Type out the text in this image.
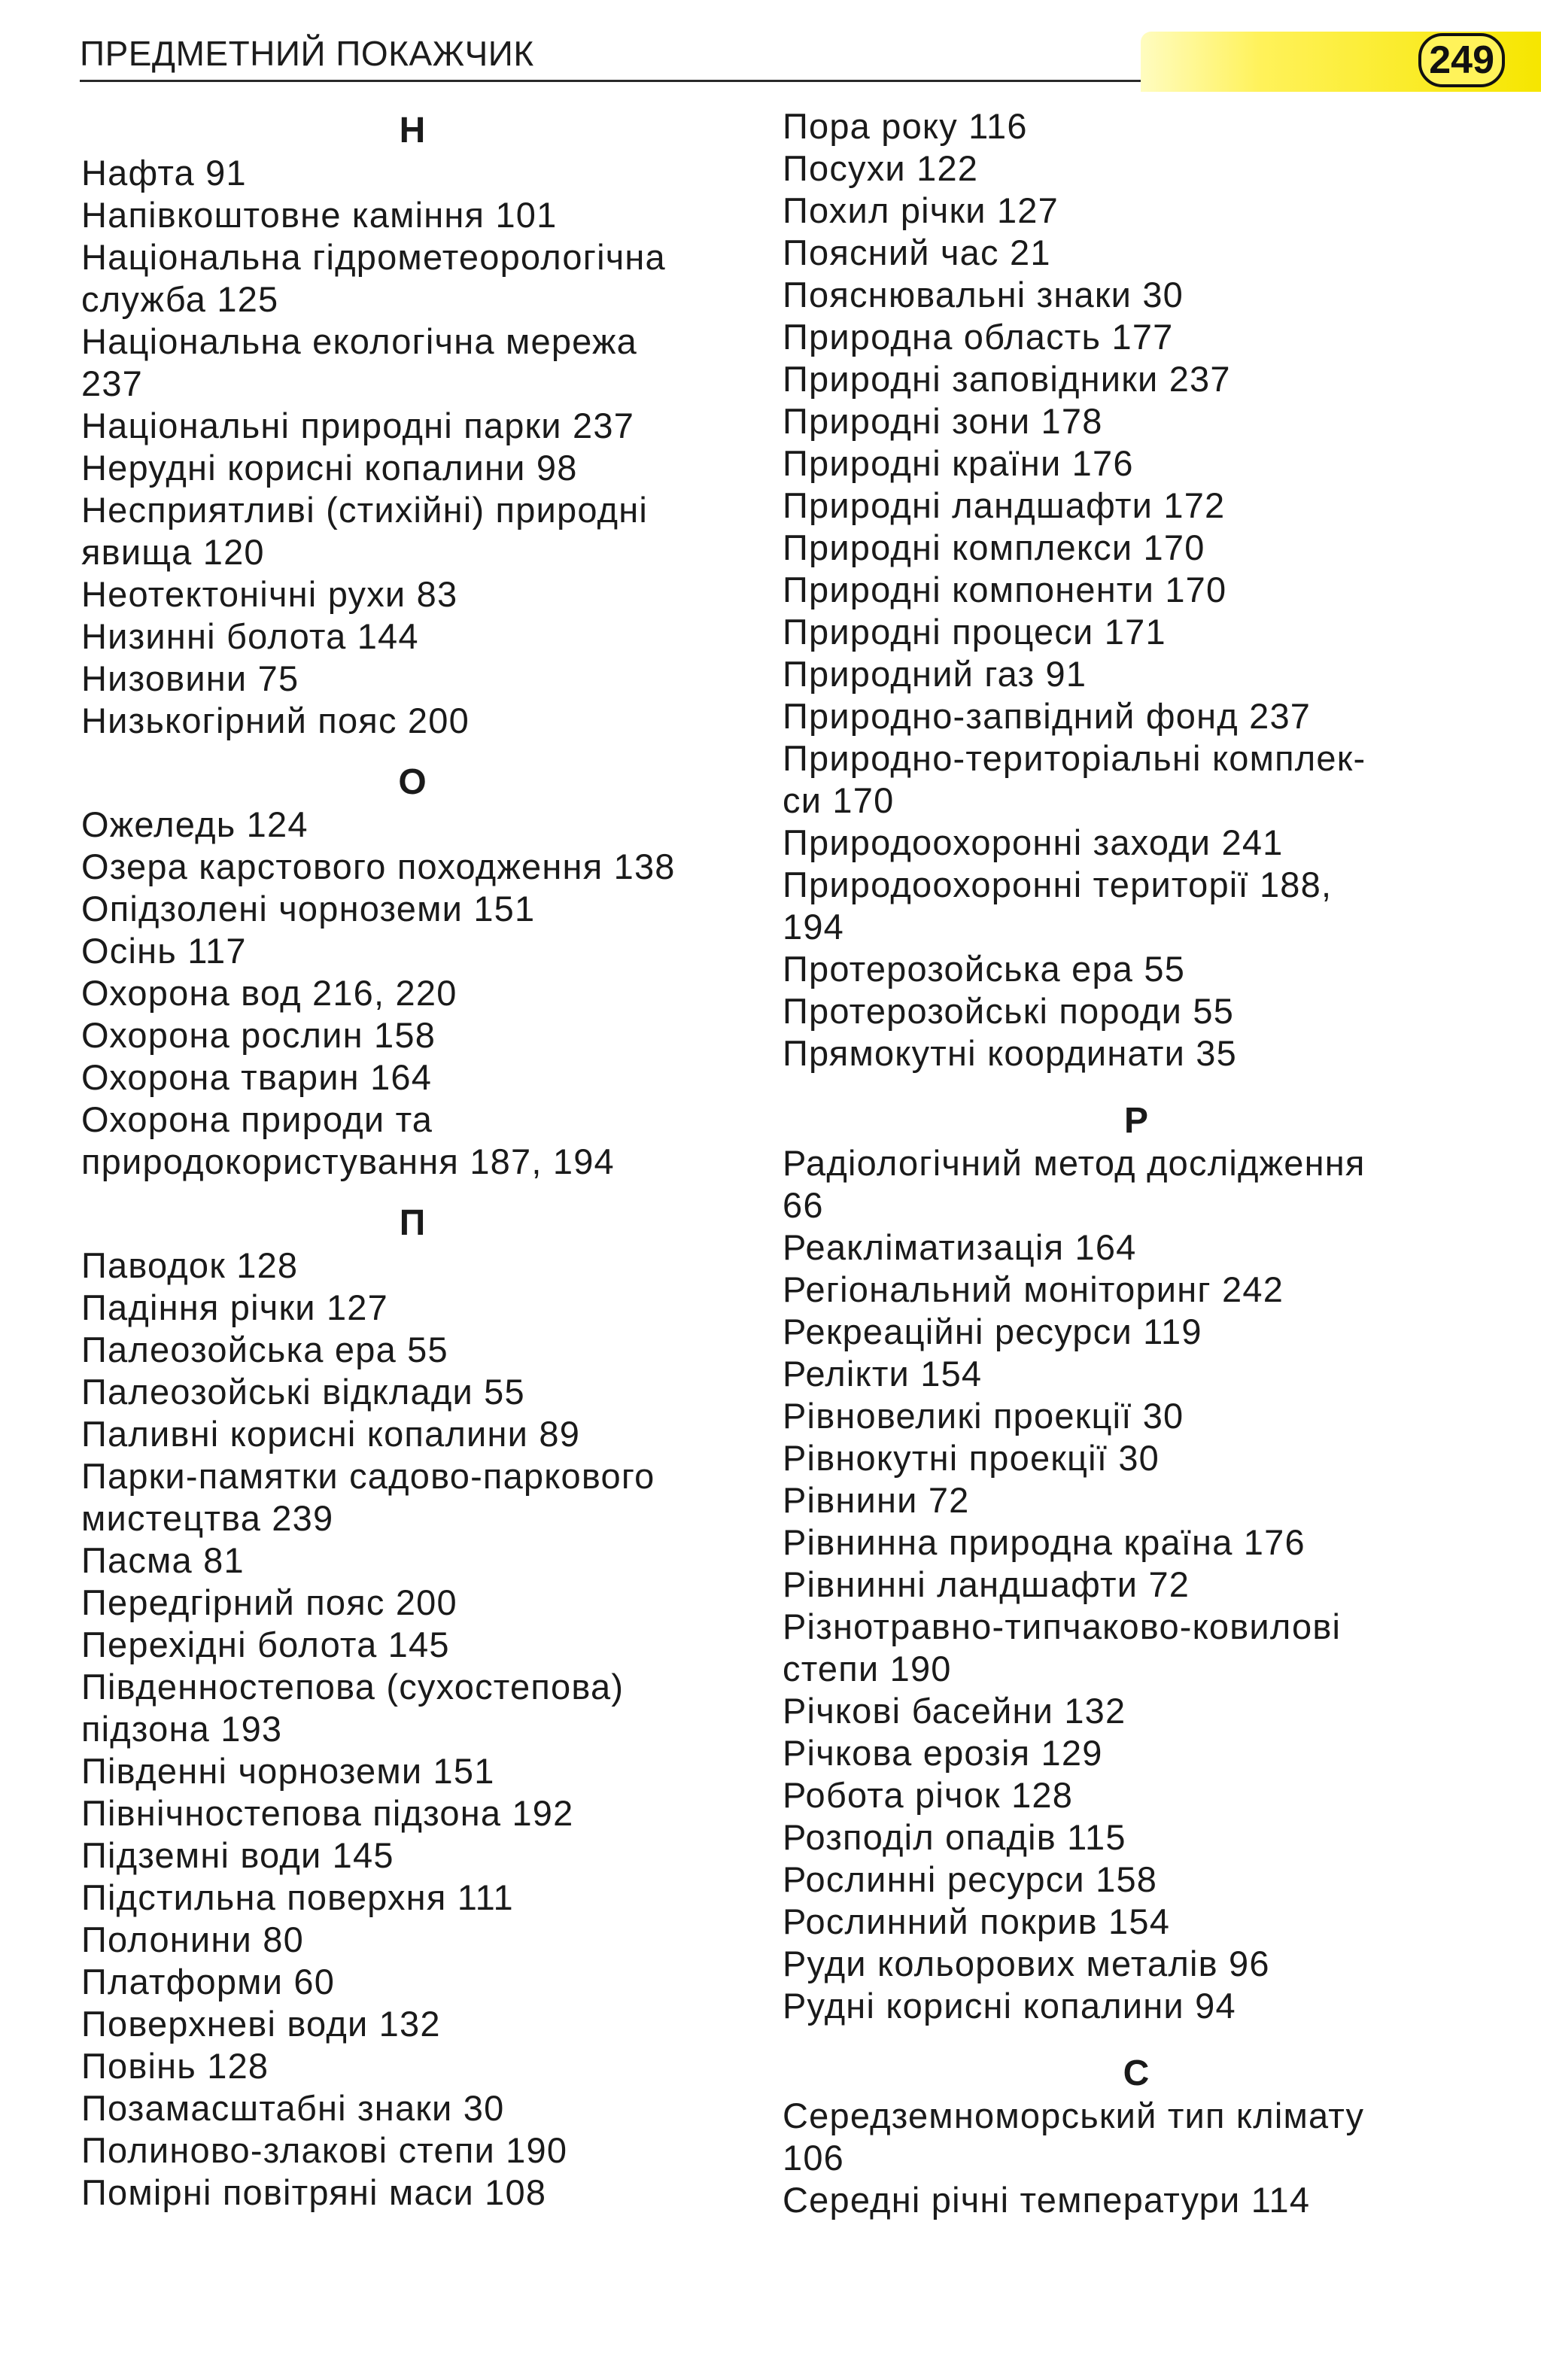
ПРЕДМЕТНИЙ ПОКАЖЧИК	249
Н
Нафта 91
Напівкоштовне каміння 101
Національна гідрометеорологічна
служба 125
Національна екологічна мережа
237
Національні природні парки 237
Нерудні корисні копалини 98
Несприятливі (стихійні) природні
явища 120
Неотектонічні рухи 83
Низинні болота 144
Низовини 75
Низькогірний пояс 200
О
Ожеледь 124
Озера карстового походження 138
Опідзолені чорноземи 151
Осінь 117
Охорона вод 216, 220
Охорона рослин 158
Охорона тварин 164
Охорона природи та
природокористування 187, 194
П
Паводок 128
Падіння річки 127
Палеозойська ера 55
Палеозойські відклади 55
Паливні корисні копалини 89
Парки-памятки садово-паркового
мистецтва 239
Пасма 81
Передгірний пояс 200
Перехідні болота 145
Південностепова (сухостепова)
підзона 193
Південні чорноземи 151
Північностепова підзона 192
Підземні води 145
Підстильна поверхня 111
Полонини 80
Платформи 60
Поверхневі води 132
Повінь 128
Позамасштабні знаки 30
Полиново-злакові степи 190
Помірні повітряні маси 108
Пора року 116
Посухи 122
Похил річки 127
Поясний час 21
Пояснювальні знаки 30
Природна область 177
Природні заповідники 237
Природні зони 178
Природні країни 176
Природні ландшафти 172
Природні комплекси 170
Природні компоненти 170
Природні процеси 171
Природний газ 91
Природно-запвідний фонд 237
Природно-територіальні комплек-
си 170
Природоохоронні заходи 241
Природоохоронні території 188,
194
Протерозойська ера 55
Протерозойські породи 55
Прямокутні координати 35
Р
Радіологічний метод дослідження
66
Реакліматизація 164
Регіональний моніторинг 242
Рекреаційні ресурси 119
Релікти 154
Рівновеликі проекції 30
Рівнокутні проекції 30
Рівнини 72
Рівнинна природна країна 176
Рівнинні ландшафти 72
Різнотравно-типчаково-ковилові
степи 190
Річкові басейни 132
Річкова ерозія 129
Робота річок 128
Розподіл опадів 115
Рослинні ресурси 158
Рослинний покрив 154
Руди кольорових металів 96
Рудні корисні копалини 94
С
Середземноморський тип клімату
106
Середні річні температури 114
